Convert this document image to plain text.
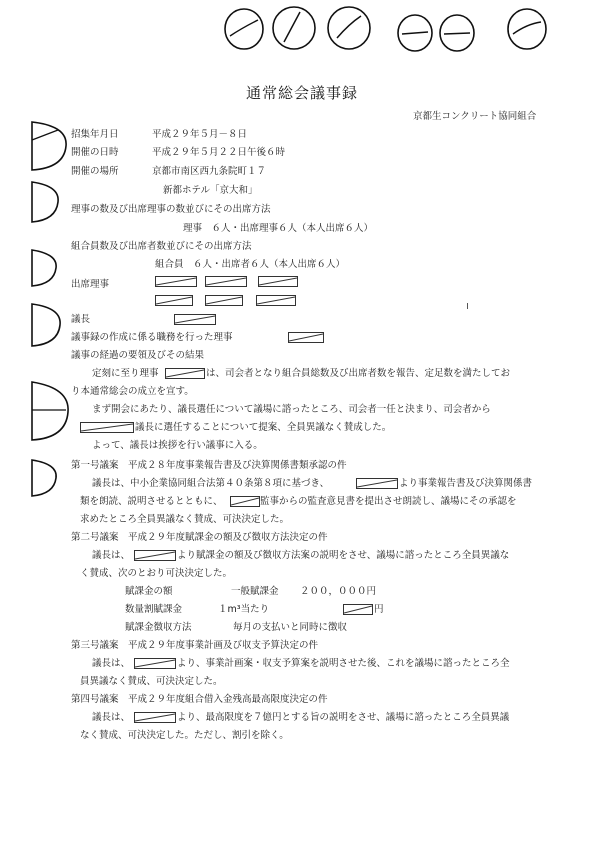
通常総会議事録
京都生コンクリート協同組合
招集年月日	平成２９年５月－８日
開催の日時	平成２９年５月２２日午後６時
開催の場所	京都市南区西九条院町１７
新都ホテル「京大和」
理事の数及び出席理事の数並びにその出席方法
理事　６人・出席理事６人（本人出席６人）
組合員数及び出席者数並びにその出席方法
組合員　６人・出席者６人（本人出席６人）
出席理事
議長
議事録の作成に係る職務を行った理事
議事の経過の要領及びその結果
定刻に至り理事	は、司会者となり組合員総数及び出席者数を報告、定足数を満たしてお
り本通常総会の成立を宣す。
まず開会にあたり、議長選任について議場に諮ったところ、司会者一任と決まり、司会者から
議長に選任することについて提案、全員異議なく賛成した。
よって、議長は挨拶を行い議事に入る。
第一号議案　平成２８年度事業報告書及び決算関係書類承認の件
議長は、中小企業協同組合法第４０条第８項に基づき、	より事業報告書及び決算関係書
類を朗読、説明させるとともに、	監事からの監査意見書を提出させ朗読し、議場にその承認を
求めたところ全員異議なく賛成、可決決定した。
第二号議案　平成２９年度賦課金の額及び徴収方法決定の件
議長は、	より賦課金の額及び徴収方法案の説明をさせ、議場に諮ったところ全員異議な
く賛成、次のとおり可決決定した。
賦課金の額	一般賦課金 ２００，０００円
数量割賦課金	１m³当たり	円
賦課金徴収方法	毎月の支払いと同時に徴収
第三号議案　平成２９年度事業計画及び収支予算決定の件
議長は、	より、事業計画案・収支予算案を説明させた後、これを議場に諮ったところ全
員異議なく賛成、可決決定した。
第四号議案　平成２９年度組合借入金残高最高限度決定の件
議長は、	より、最高限度を７億円とする旨の説明をさせ、議場に諮ったところ全員異議
なく賛成、可決決定した。ただし、割引を除く。
